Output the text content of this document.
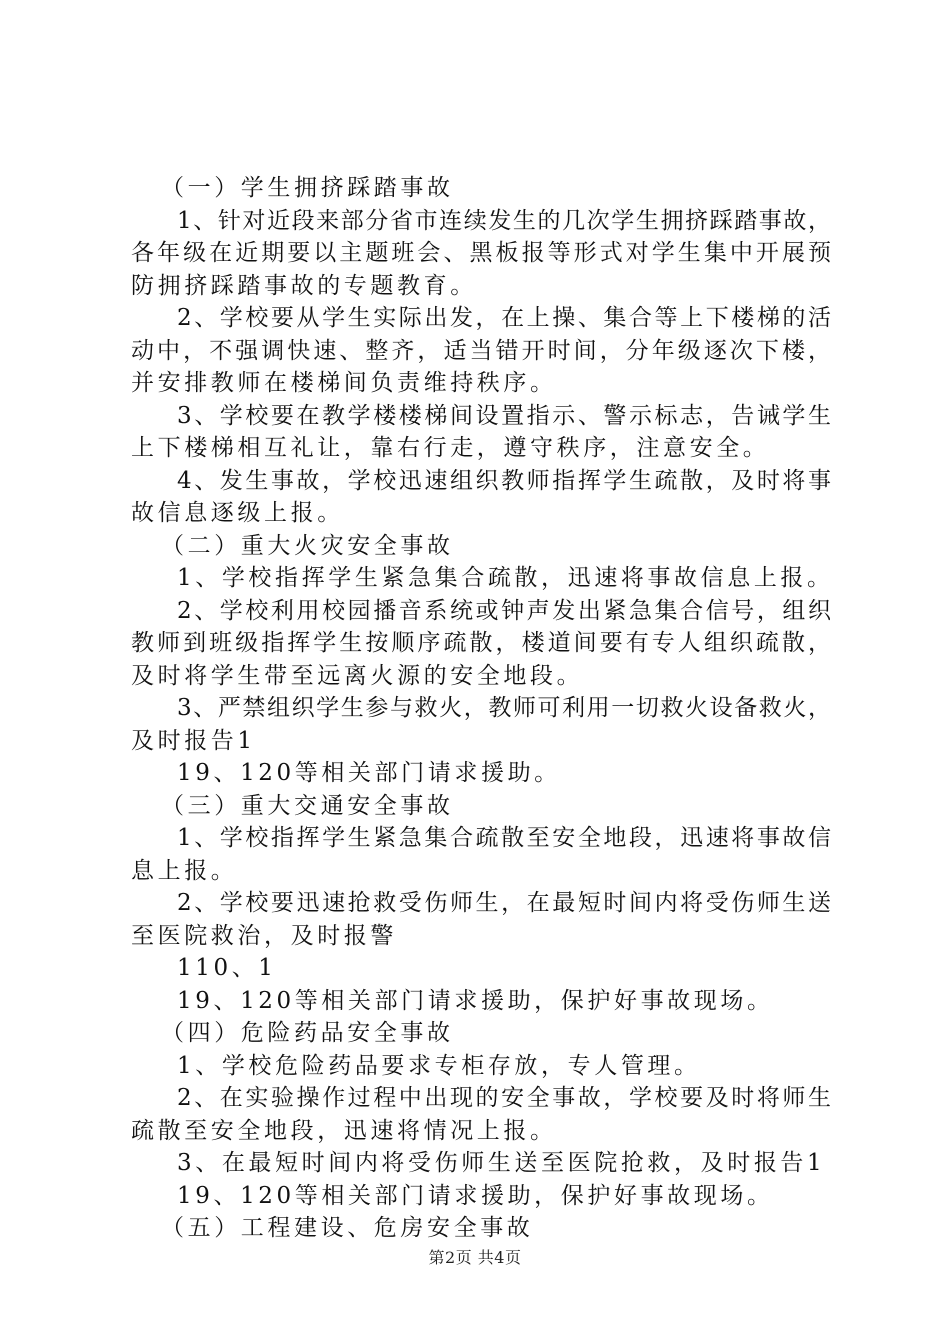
（一）学生拥挤踩踏事故
1、针对近段来部分省市连续发生的几次学生拥挤踩踏事故，
各年级在近期要以主题班会、黑板报等形式对学生集中开展预
防拥挤踩踏事故的专题教育。
2、学校要从学生实际出发，在上操、集合等上下楼梯的活
动中，不强调快速、整齐，适当错开时间，分年级逐次下楼，
并安排教师在楼梯间负责维持秩序。
3、学校要在教学楼楼梯间设置指示、警示标志，告诫学生
上下楼梯相互礼让，靠右行走，遵守秩序，注意安全。
4、发生事故，学校迅速组织教师指挥学生疏散，及时将事
故信息逐级上报。
（二）重大火灾安全事故
1、学校指挥学生紧急集合疏散，迅速将事故信息上报。
2、学校利用校园播音系统或钟声发出紧急集合信号，组织
教师到班级指挥学生按顺序疏散，楼道间要有专人组织疏散，
及时将学生带至远离火源的安全地段。
3、严禁组织学生参与救火，教师可利用一切救火设备救火，
及时报告1
19、120等相关部门请求援助。
（三）重大交通安全事故
1、学校指挥学生紧急集合疏散至安全地段，迅速将事故信
息上报。
2、学校要迅速抢救受伤师生，在最短时间内将受伤师生送
至医院救治，及时报警
110、1
19、120等相关部门请求援助，保护好事故现场。
（四）危险药品安全事故
1、学校危险药品要求专柜存放，专人管理。
2、在实验操作过程中出现的安全事故，学校要及时将师生
疏散至安全地段，迅速将情况上报。
3、在最短时间内将受伤师生送至医院抢救，及时报告1
19、120等相关部门请求援助，保护好事故现场。
（五）工程建设、危房安全事故
第2页 共4页
